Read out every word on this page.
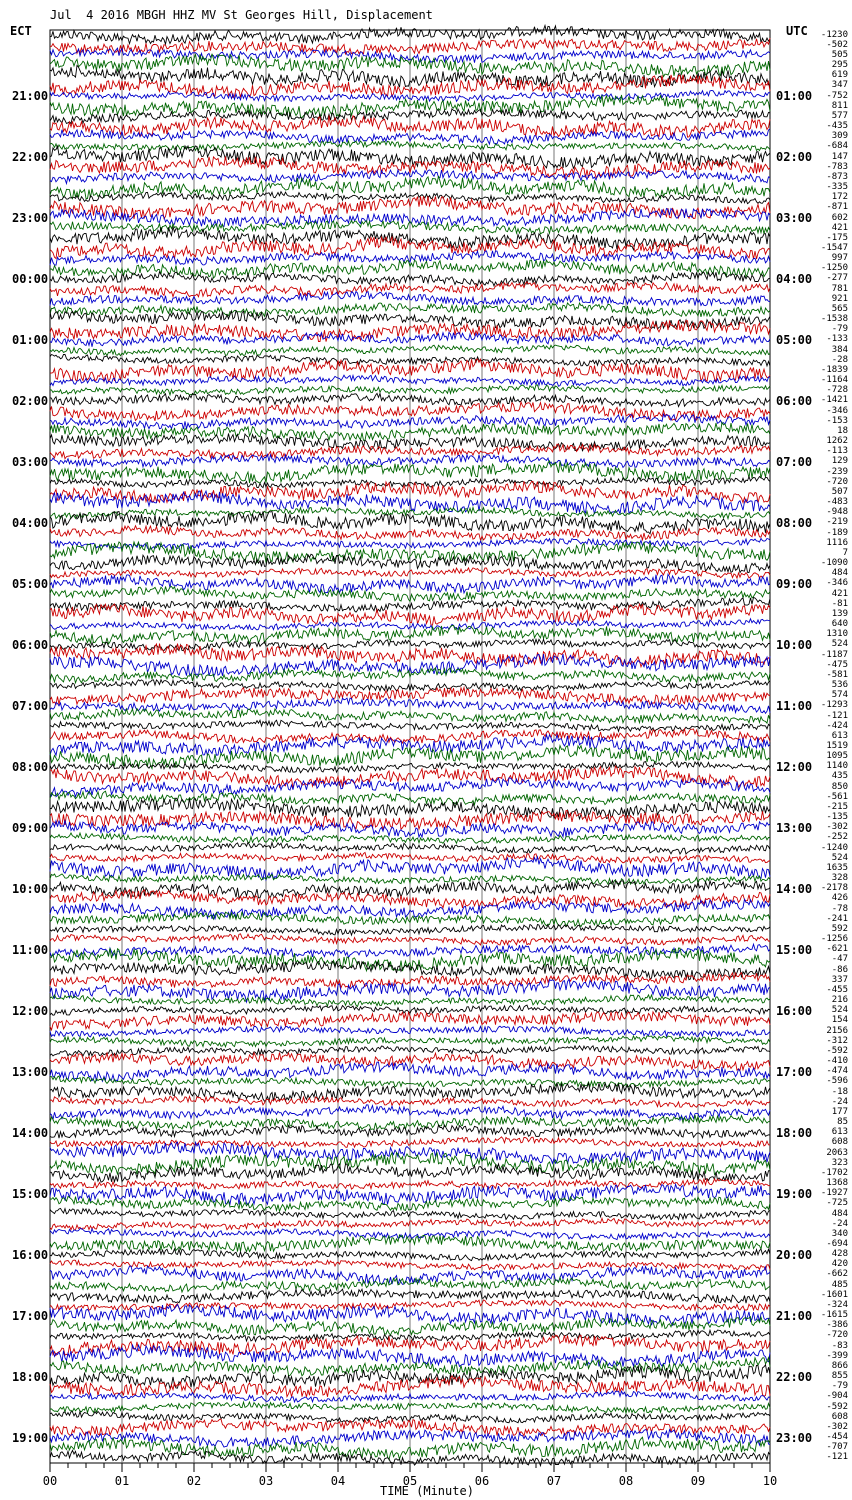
Jul  4 2016 MBGH HHZ MV St Georges Hill, Displacement
ECT	UTC
21:00
22:00
23:00
00:00
01:00
02:00
03:00
04:00
05:00
06:00
07:00
08:00
09:00
10:00
11:00
12:00
13:00
14:00
15:00
16:00
17:00
18:00
19:00
01:00
02:00
03:00
04:00
05:00
06:00
07:00
08:00
09:00
10:00
11:00
12:00
13:00
14:00
15:00
16:00
17:00
18:00
19:00
20:00
21:00
22:00
23:00
-1230
-502
505
295
619
347
-752
811
577
-435
309
-684
147
-783
-873
-335
172
-871
602
421
-175
-1547
997
-1250
-277
781
921
565
-1538
-79
-133
384
-28
-1839
-1164
-728
-1421
-346
-153
18
1262
-113
129
-239
-720
507
-483
-948
-219
-189
1116
7
-1090
484
-346
421
-81
139
640
1310
524
-1187
-475
-581
536
574
-1293
-121
-424
613
1519
1095
1140
435
850
-561
-215
-135
-302
-252
-1240
524
1635
328
-2178
426
-78
-241
592
-1256
-621
-47
-86
337
-455
216
524
154
2156
-312
-592
-410
-474
-596
-18
-24
177
85
613
608
2063
323
-1702
1368
-1927
-725
484
-24
340
-694
428
420
-662
485
-1601
-324
-1615
-386
-720
-83
-399
866
855
-79
-904
-592
608
-302
-454
-707
-121
00	01	02	03	04	05	06	07	08	09	10
TIME (Minute)
